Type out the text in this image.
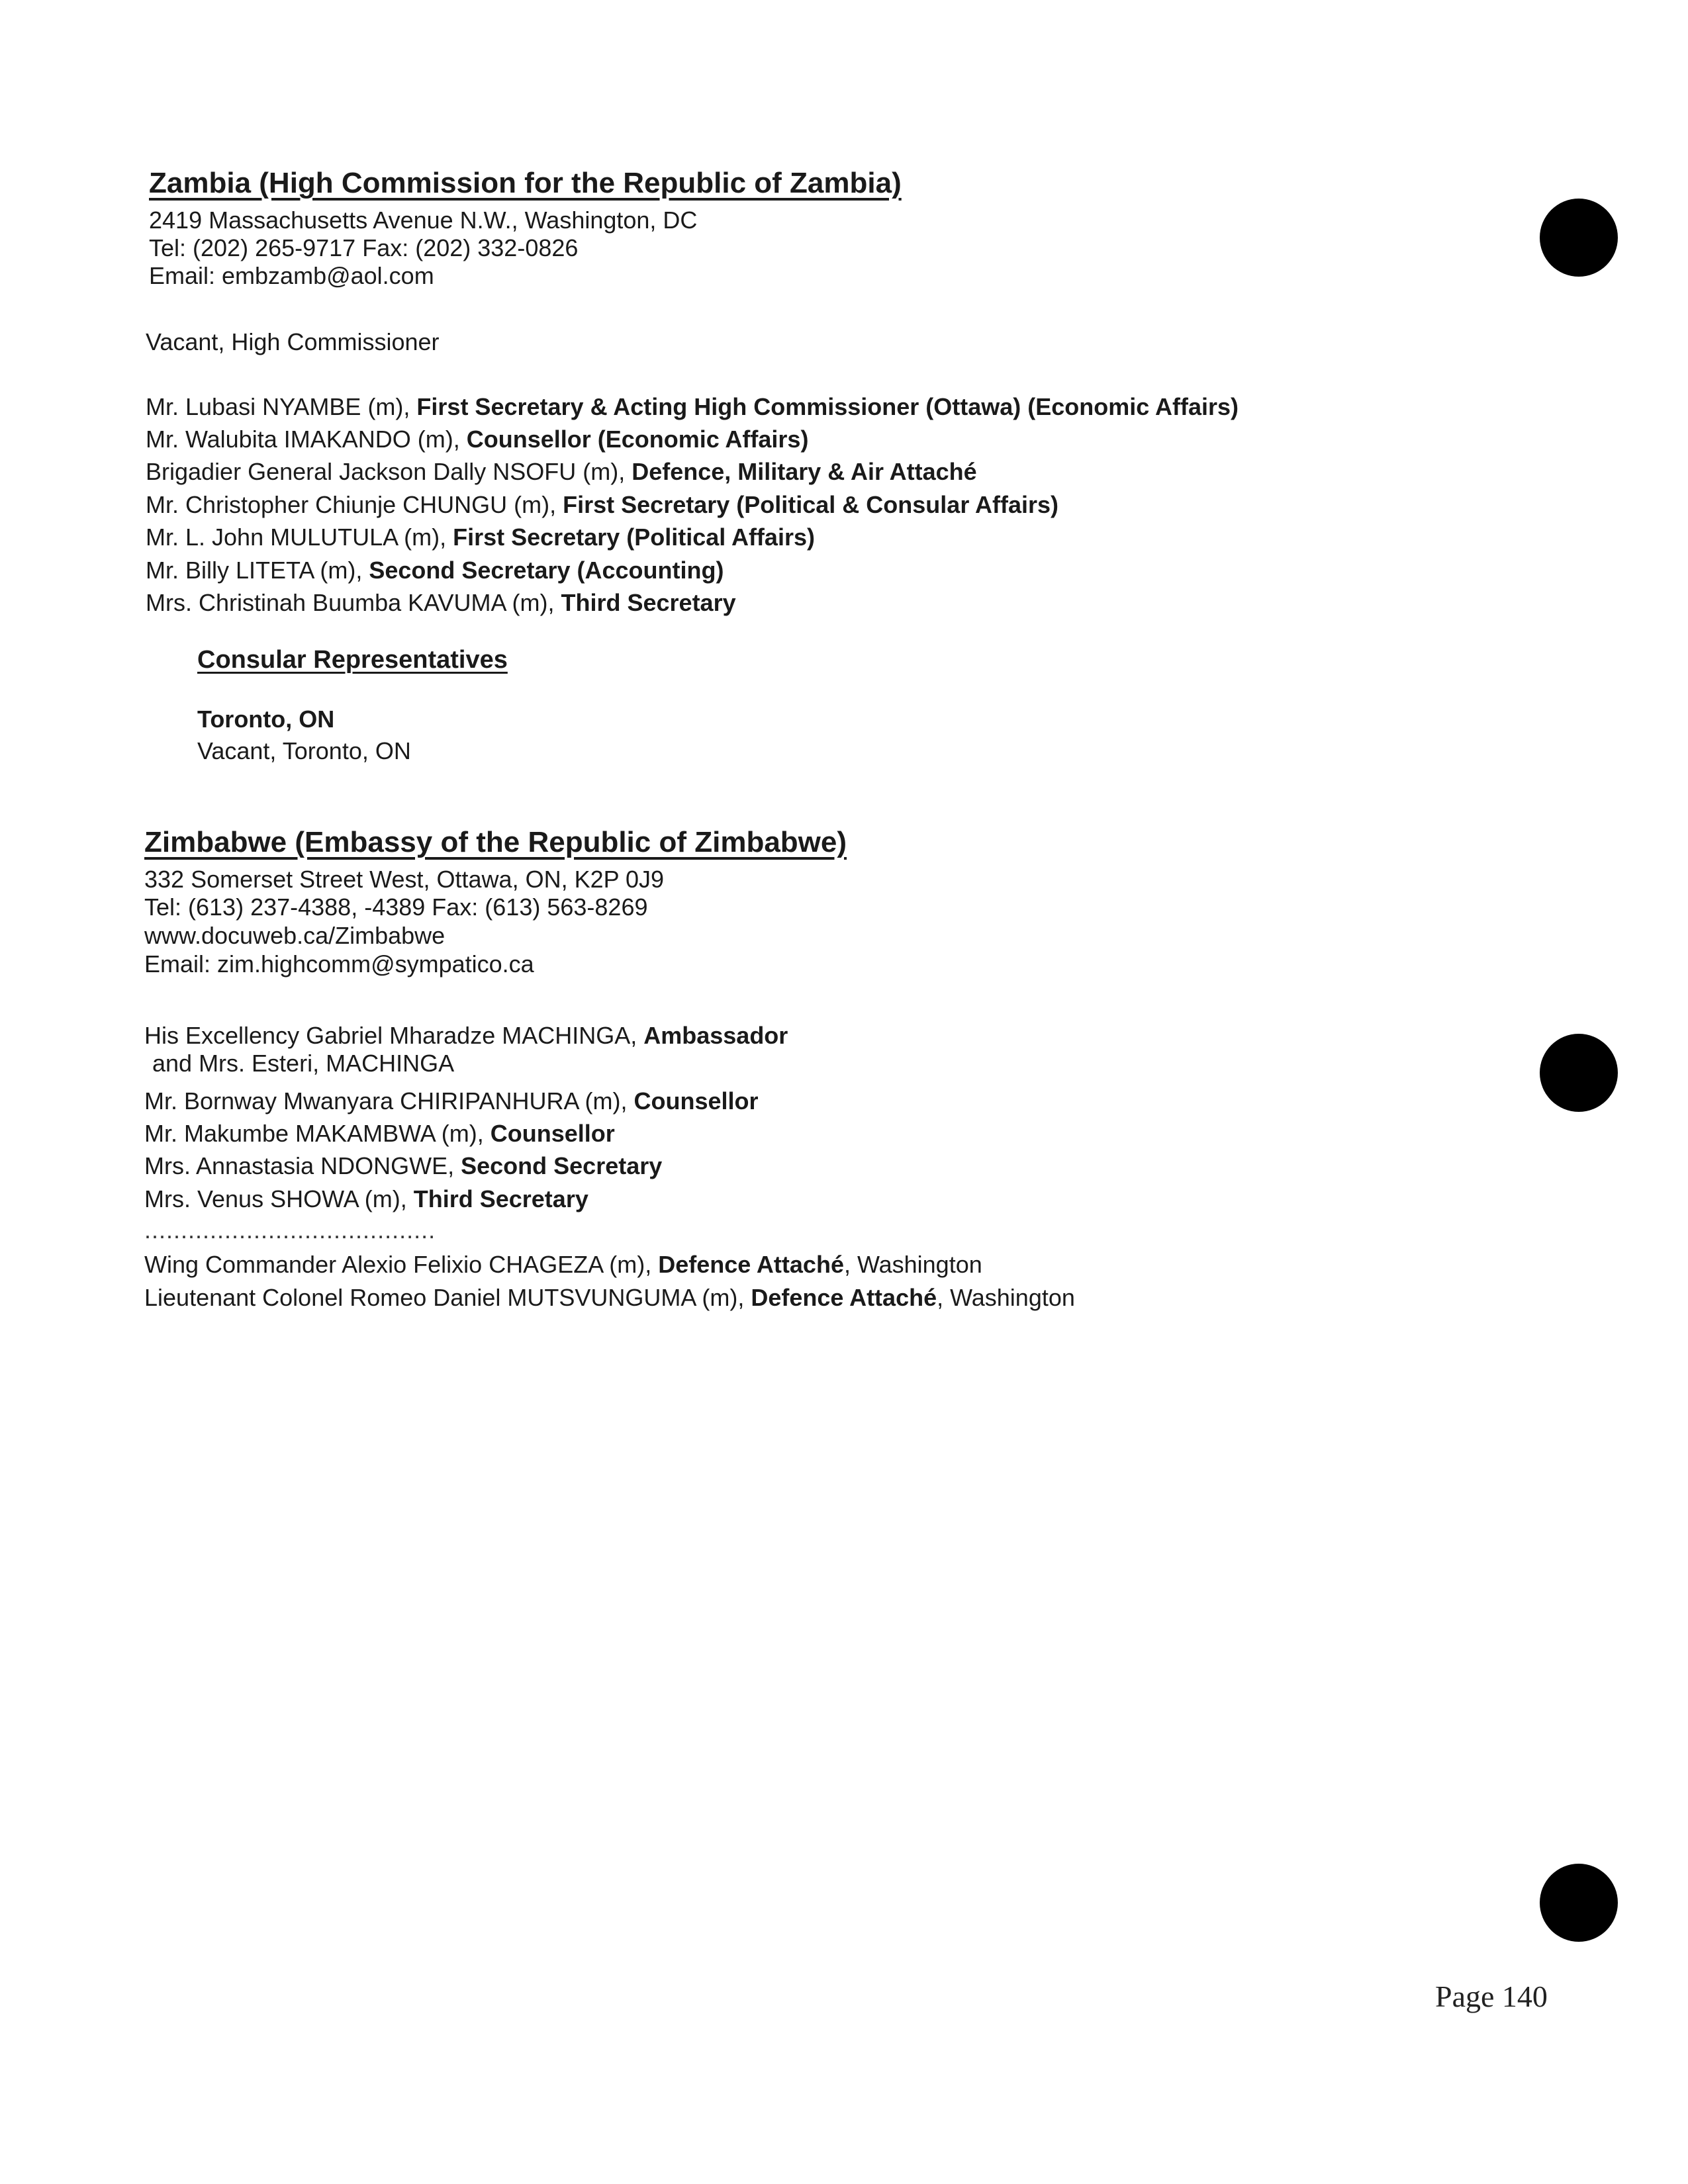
Zambia (High Commission for the Republic of Zambia)

2419 Massachusetts Avenue N.W., Washington, DC

Tel: (202) 265-9717 Fax: (202) 332-0826

Email: embzamb@aol.com

Vacant, High Commissioner

Mr. Lubasi NYAMBE (m), First Secretary & Acting High Commissioner (Ottawa) (Economic Affairs)

Mr. Walubita IMAKANDO (m), Counsellor (Economic Affairs)

Brigadier General Jackson Dally NSOFU (m), Defence, Military & Air Attaché

Mr. Christopher Chiunje CHUNGU (m), First Secretary (Political & Consular Affairs)

Mr. L. John MULUTULA (m), First Secretary (Political Affairs)

Mr. Billy LITETA (m), Second Secretary (Accounting)

Mrs. Christinah Buumba KAVUMA (m), Third Secretary

Consular Representatives

Toronto, ON

Vacant, Toronto, ON

Zimbabwe (Embassy of the Republic of Zimbabwe)

332 Somerset Street West, Ottawa, ON, K2P 0J9

Tel: (613) 237-4388, -4389 Fax: (613) 563-8269

www.docuweb.ca/Zimbabwe

Email: zim.highcomm@sympatico.ca

His Excellency Gabriel Mharadze MACHINGA, Ambassador

and Mrs. Esteri, MACHINGA

Mr. Bornway Mwanyara CHIRIPANHURA (m), Counsellor

Mr. Makumbe MAKAMBWA (m), Counsellor

Mrs. Annastasia NDONGWE, Second Secretary

Mrs. Venus SHOWA (m), Third Secretary

........................................

Wing Commander Alexio Felixio CHAGEZA (m), Defence Attaché, Washington

Lieutenant Colonel Romeo Daniel MUTSVUNGUMA (m), Defence Attaché, Washington

Page 140
